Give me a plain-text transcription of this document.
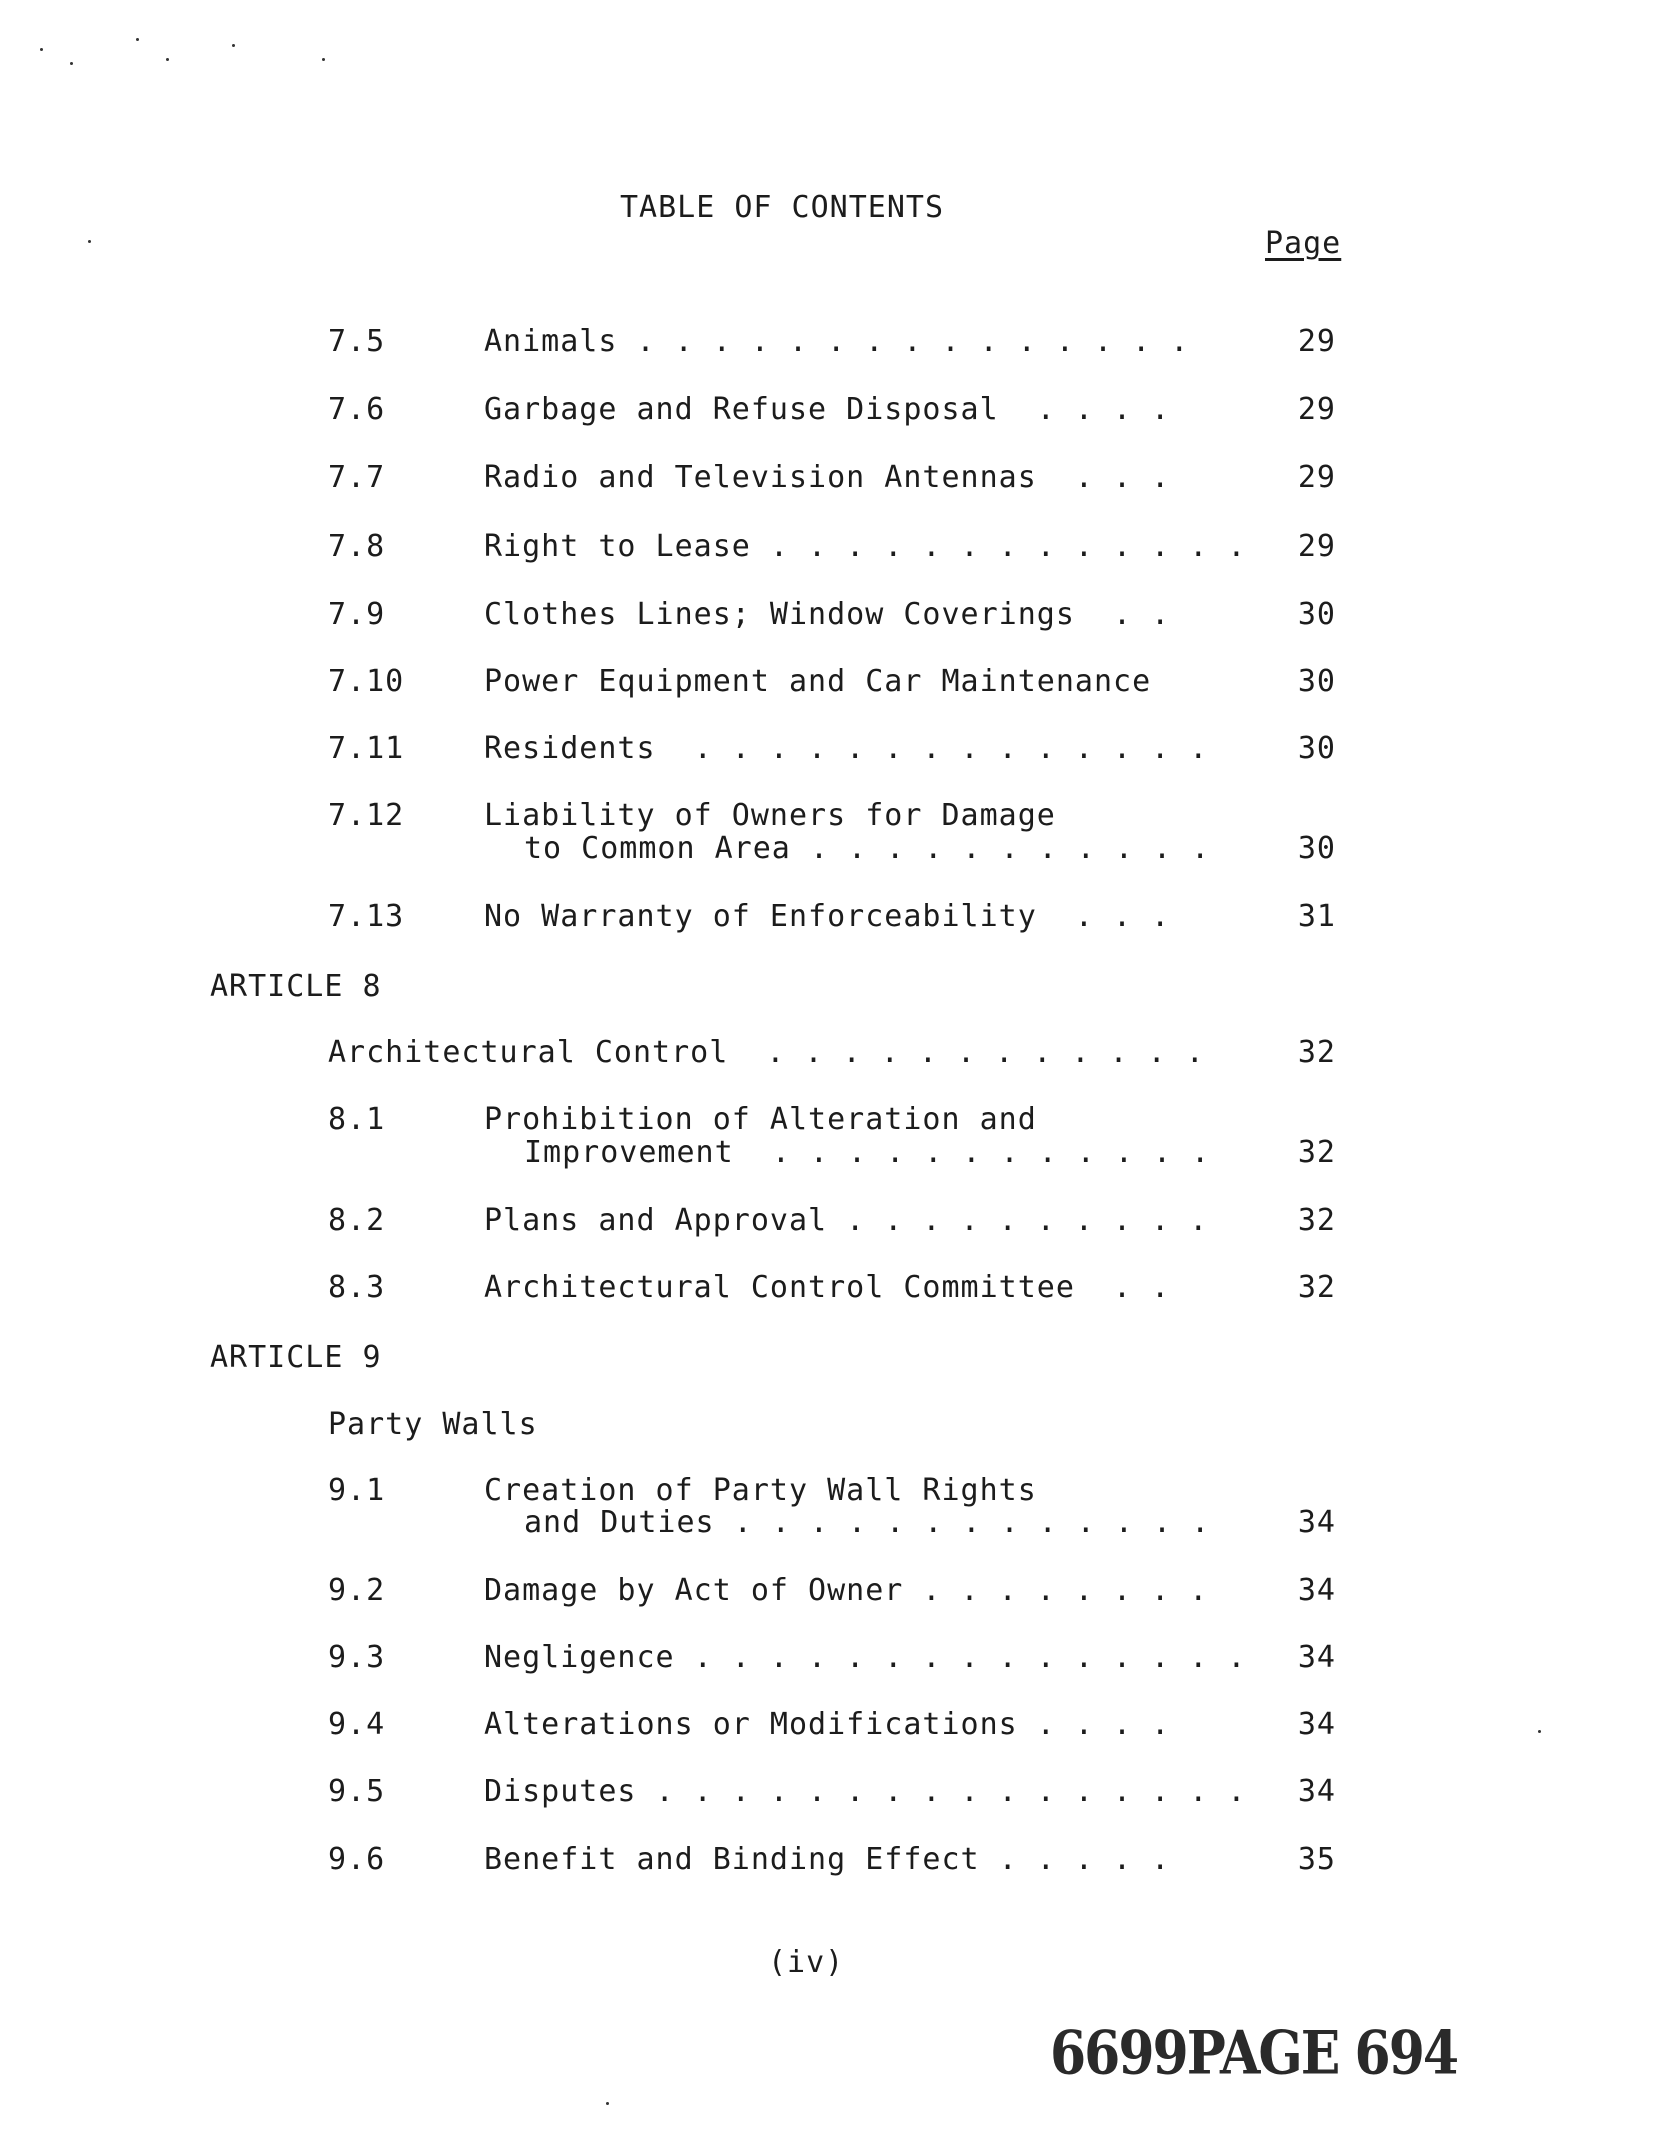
TABLE OF CONTENTS
Page
7.5	Animals . . . . . . . . . . . . . . .	29
7.6	Garbage and Refuse Disposal . . . .	29
7.7	Radio and Television Antennas . . .	29
7.8	Right to Lease . . . . . . . . . . . . .	29
7.9	Clothes Lines; Window Coverings . .	30
7.10	Power Equipment and Car Maintenance	30
7.11	Residents . . . . . . . . . . . . . .	30
7.12	Liability of Owners for Damage
to Common Area . . . . . . . . . . .	30
7.13	No Warranty of Enforceability . . .	31
ARTICLE 8
Architectural Control . . . . . . . . . . . .	32
8.1	Prohibition of Alteration and
Improvement . . . . . . . . . . . .	32
8.2	Plans and Approval . . . . . . . . . .	32
8.3	Architectural Control Committee . .	32
ARTICLE 9
Party Walls
9.1	Creation of Party Wall Rights
and Duties . . . . . . . . . . . . .	34
9.2	Damage by Act of Owner . . . . . . . .	34
9.3	Negligence . . . . . . . . . . . . . . .	34
9.4	Alterations or Modifications . . . .	34
9.5	Disputes . . . . . . . . . . . . . . . .	34
9.6	Benefit and Binding Effect . . . . .	35
(iv)
6699PAGE 694
